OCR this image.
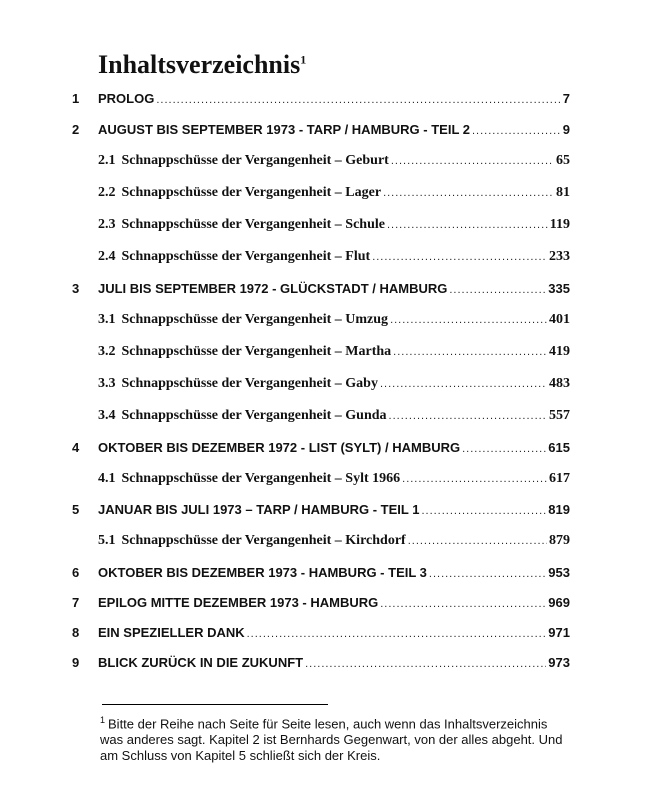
Inhaltsverzeichnis$^1$
1	PROLOG .....	7
2	AUGUST BIS SEPTEMBER 1973 - TARP / HAMBURG - TEIL 2 .....	9
2.1 Schnappschüsse der Vergangenheit – Geburt .....	65
2.2 Schnappschüsse der Vergangenheit – Lager .....	81
2.3 Schnappschüsse der Vergangenheit – Schule .....	119
2.4 Schnappschüsse der Vergangenheit – Flut .....	233
3	JULI BIS SEPTEMBER 1972 - GLÜCKSTADT / HAMBURG .....	335
3.1 Schnappschüsse der Vergangenheit – Umzug .....	401
3.2 Schnappschüsse der Vergangenheit – Martha .....	419
3.3 Schnappschüsse der Vergangenheit – Gaby .....	483
3.4 Schnappschüsse der Vergangenheit – Gunda .....	557
4	OKTOBER BIS DEZEMBER 1972 - LIST (SYLT) / HAMBURG .....	615
4.1 Schnappschüsse der Vergangenheit – Sylt 1966 .....	617
5	JANUAR BIS JULI 1973 – TARP / HAMBURG - TEIL 1 .....	819
5.1 Schnappschüsse der Vergangenheit – Kirchdorf .....	879
6	OKTOBER BIS DEZEMBER 1973 - HAMBURG - TEIL 3 .....	953
7	EPILOG MITTE DEZEMBER 1973 - HAMBURG .....	969
8	EIN SPEZIELLER DANK .....	971
9	BLICK ZURÜCK IN DIE ZUKUNFT .....	973
$^1$ Bitte der Reihe nach Seite für Seite lesen, auch wenn das Inhaltsverzeichnis was anderes sagt. Kapitel 2 ist Bernhards Gegenwart, von der alles abgeht. Und am Schluss von Kapitel 5 schließt sich der Kreis.
